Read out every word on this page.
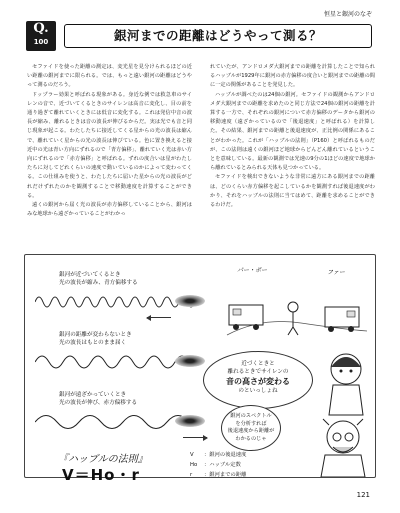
恒星と銀河のなぞ
Q.
100	銀河までの距離はどうやって測る？

セファイドを使った距離の測定は、変光星を見分けられるほどの近い距離の銀河までに限られる。では、もっと遠い銀河の距離はどうやって測るのだろう。

ドップラー効果と呼ばれる現象がある。身近な例では救急車のサイレンの音で、近づいてくるときのサイレンは高音に変化し、目の前を通り過ぎて離れていくときには低音に変化する。これは発信中音の波長が縮み、離れるときは音の波長が伸びるからだ。実は光でも音と同じ現象が起こる。わたしたちに接近してくる星からの光の波長は縮んで、離れていく星からの光の波長は伸びている。色に置き換えると接近中の光は青い方向にずれるので「青方偏移」、離れていく光は赤い方向にずれるので「赤方偏移」と呼ばれる。ずれの度合いは星がわたしたちに対してどれくらいの速度で動いているのかによって変わってくる。この仕組みを使うと、わたしたちに届いた星からの光の波長がどれだけずれたのかを観測することで移動速度を計算することができる。

遠くの銀河から届く光の波長が赤方偏移していることから、銀河はみな地球から遠ざかっていることがわかっ

れていたが、アンドロメダ大銀河までの距離を計算したことで知られるハッブルが1929年に銀河の赤方偏移の度合いと銀河までの距離の間に一定の関係があることを発見した。

ハッブルが調べたのは24個の銀河。セファイドの観測からアンドロメダ大銀河までの距離を求めたのと同じ方法で24個の銀河の距離を計算する一方で、それぞれの銀河について赤方偏移のデータから銀河の移動速度（遠ざかっているので「後退速度」と呼ばれる）を計算した。その結果、銀河までの距離と後退速度が、正比例の関係にあることがわかった。これが「ハッブルの法則」（P160）と呼ばれるものだが、この法則は遠くの銀河ほど地球からどんどん離れているということを意味している。最新の観測では光速の9分の1ほどの速度で地球から離れているとみられる天体も見つかっている。

セファイドを検出できないような非常に遠方にある銀河までの距離は、どのくらい赤方偏移を起こしているかを観測すれば後退速度がわかり、それをハッブルの法則に当てはめて、距離を求めることができるわけだ。

銀河が近づいてくるとき
光の波長が縮み、青方偏移する
銀河の距離が変わらないとき
光の波長はもとのまま届く
銀河が遠ざかっていくとき
光の波長が伸び、赤方偏移する
パー・ポー	ファー
近づくときと
離れるときでサイレンの
音の高さが変わる
のといっしょね
銀河のスペクトル
を分析すれば
後退速度から距離が
わかるのじゃ
『ハッブルの法則』
V＝Ho・r
V ：銀河の後退速度
Ho ：ハッブル定数
r ：銀河までの距離
121
